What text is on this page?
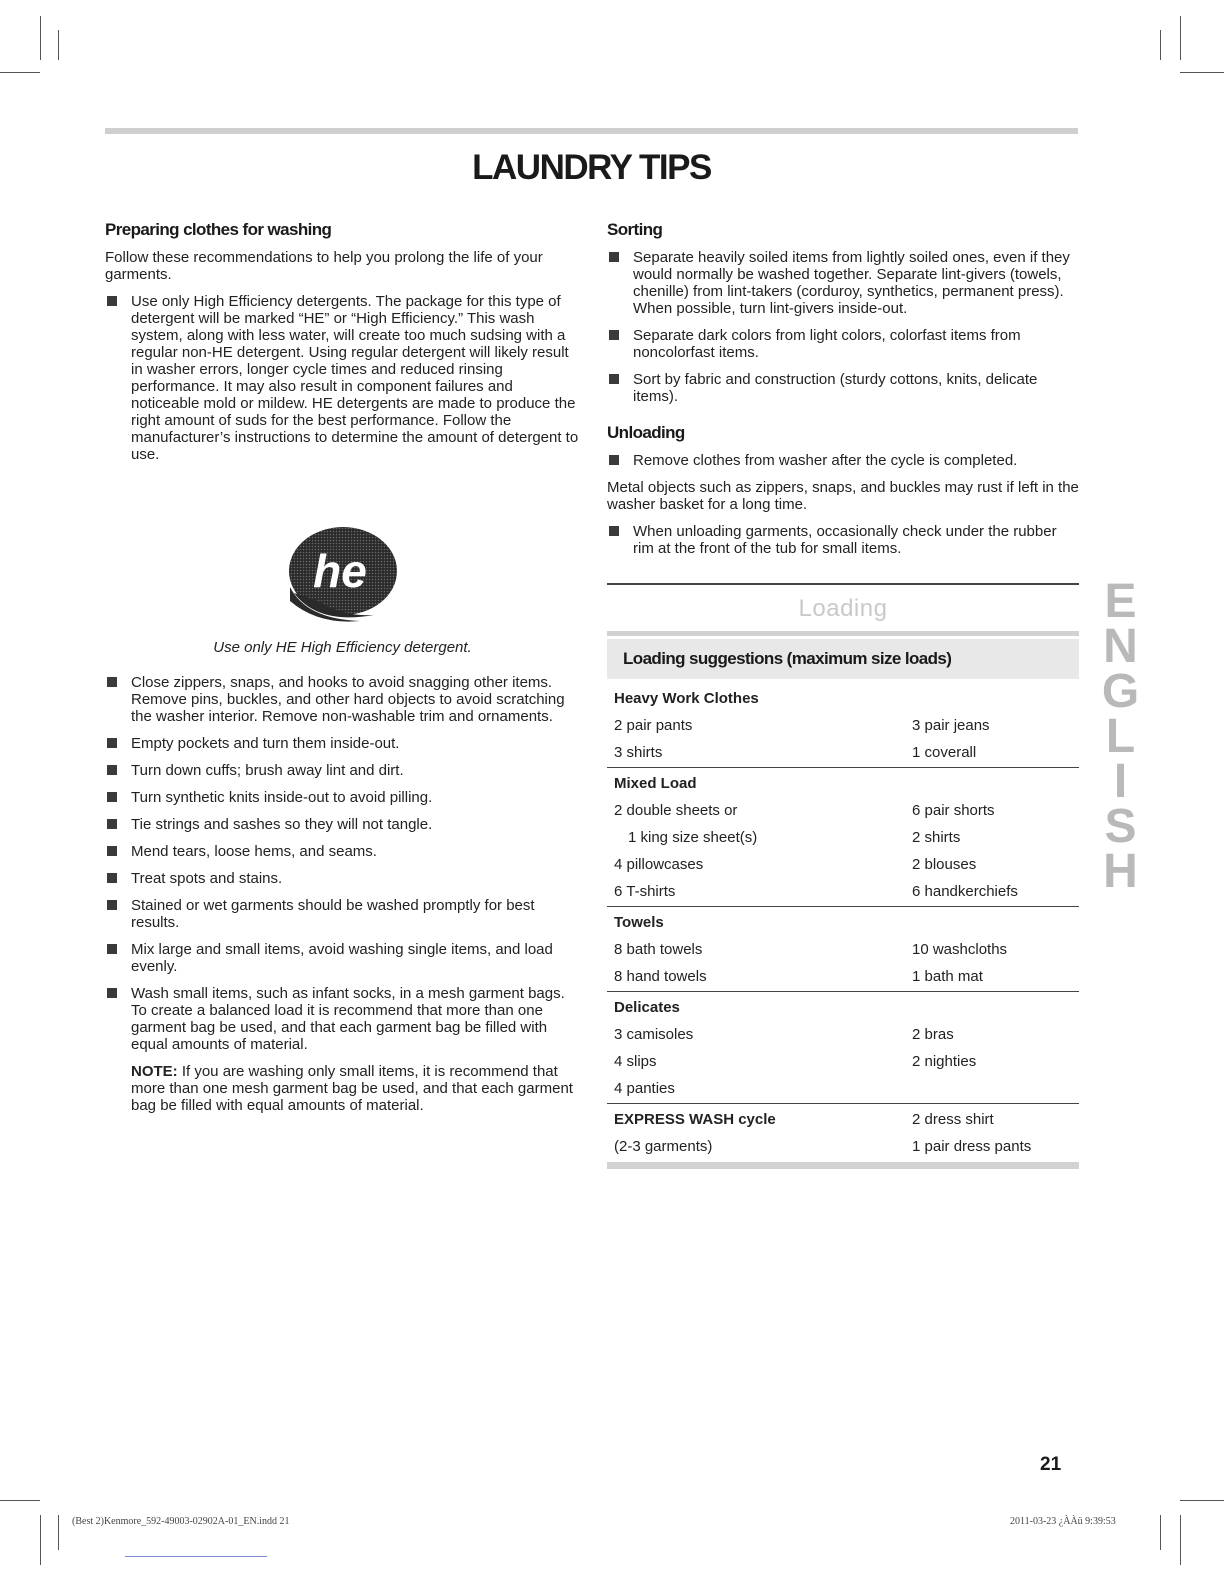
LAUNDRY TIPS
Preparing clothes for washing

Follow these recommendations to help you prolong the life of your garments.

Use only High Efficiency detergents. The package for this type of detergent will be marked “HE” or “High Efficiency.” This wash system, along with less water, will create too much sudsing with a regular non-HE detergent. Using regular detergent will likely result in washer errors, longer cycle times and reduced rinsing performance. It may also result in component failures and noticeable mold or mildew. HE detergents are made to produce the right amount of suds for the best performance. Follow the manufacturer’s instructions to determine the amount of detergent to use.
he

Use only HE High Efficiency detergent.

Close zippers, snaps, and hooks to avoid snagging other items. Remove pins, buckles, and other hard objects to avoid scratching the washer interior. Remove non-washable trim and ornaments.
Empty pockets and turn them inside-out.
Turn down cuffs; brush away lint and dirt.
Turn synthetic knits inside-out to avoid pilling.
Tie strings and sashes so they will not tangle.
Mend tears, loose hems, and seams.
Treat spots and stains.
Stained or wet garments should be washed promptly for best results.
Mix large and small items, avoid washing single items, and load evenly.
Wash small items, such as infant socks, in a mesh garment bags. To create a balanced load it is recommend that more than one garment bag be used, and that each garment bag be filled with equal amounts of material.

NOTE: If you are washing only small items, it is recommend that more than one mesh garment bag be used, and that each garment bag be filled with equal amounts of material.

Sorting
Separate heavily soiled items from lightly soiled ones, even if they would normally be washed together. Separate lint-givers (towels, chenille) from lint-takers (corduroy, synthetics, permanent press). When possible, turn lint-givers inside-out.
Separate dark colors from light colors, colorfast items from noncolorfast items.
Sort by fabric and construction (sturdy cottons, knits, delicate items).
Unloading
Remove clothes from washer after the cycle is completed.

Metal objects such as zippers, snaps, and buckles may rust if left in the washer basket for a long time.

When unloading garments, occasionally check under the rubber rim at the front of the tub for small items.
Loading
Loading suggestions (maximum size loads)
Heavy Work Clothes	
2 pair pants	3 pair jeans
3 shirts	1 coverall
Mixed Load	
2 double sheets or	6 pair shorts
1 king size sheet(s)	2 shirts
4 pillowcases	2 blouses
6 T-shirts	6 handkerchiefs
Towels	
8 bath towels	10 washcloths
8 hand towels	1 bath mat
Delicates	
3 camisoles	2 bras
4 slips	2 nighties
4 panties	
EXPRESS WASH cycle	2 dress shirt
(2-3 garments)	1 pair dress pants
ENGLISH
21
(Best 2)Kenmore_592-49003-02902A-01_EN.indd 21	2011-03-23 ¿ÀÀü 9:39:53
